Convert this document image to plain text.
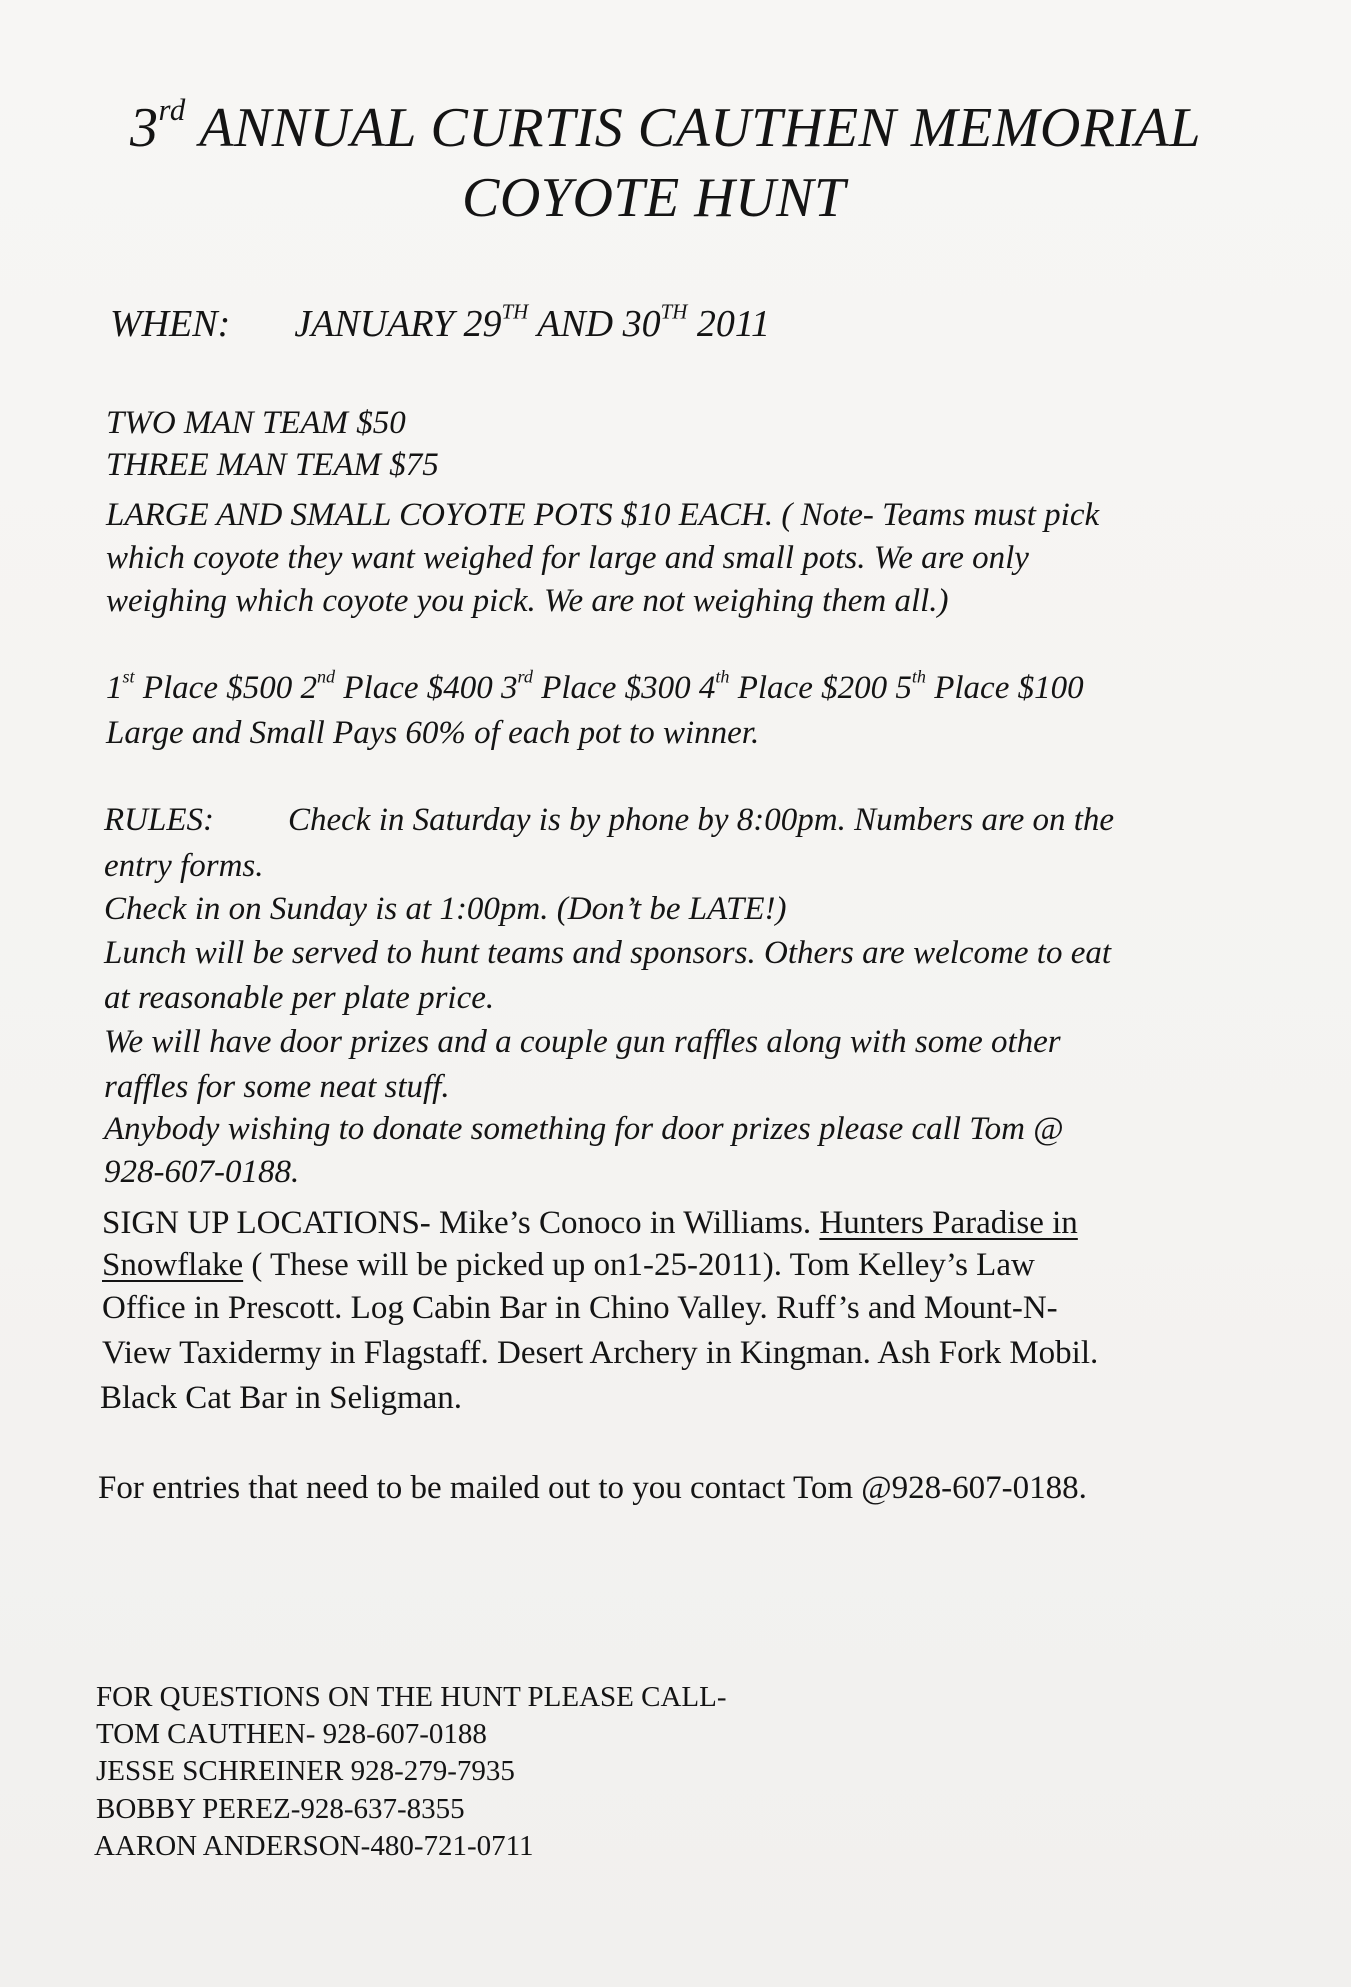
3rd ANNUAL CURTIS CAUTHEN MEMORIAL
COYOTE HUNT
WHEN: JANUARY 29TH AND 30TH 2011
TWO MAN TEAM $50
THREE MAN TEAM $75
LARGE AND SMALL COYOTE POTS $10 EACH. ( Note- Teams must pick
which coyote they want weighed for large and small pots. We are only
weighing which coyote you pick. We are not weighing them all.)
1st Place $500 2nd Place $400 3rd Place $300 4th Place $200 5th Place $100
Large and Small Pays 60% of each pot to winner.
RULES: Check in Saturday is by phone by 8:00pm. Numbers are on the
entry forms.
Check in on Sunday is at 1:00pm. (Don’t be LATE!)
Lunch will be served to hunt teams and sponsors. Others are welcome to eat
at reasonable per plate price.
We will have door prizes and a couple gun raffles along with some other
raffles for some neat stuff.
Anybody wishing to donate something for door prizes please call Tom @
928-607-0188.
SIGN UP LOCATIONS- Mike’s Conoco in Williams. Hunters Paradise in
Snowflake ( These will be picked up on1-25-2011). Tom Kelley’s Law
Office in Prescott. Log Cabin Bar in Chino Valley. Ruff’s and Mount-N-
View Taxidermy in Flagstaff. Desert Archery in Kingman. Ash Fork Mobil.
Black Cat Bar in Seligman.
For entries that need to be mailed out to you contact Tom @928-607-0188.
FOR QUESTIONS ON THE HUNT PLEASE CALL-
TOM CAUTHEN- 928-607-0188
JESSE SCHREINER 928-279-7935
BOBBY PEREZ-928-637-8355
AARON ANDERSON-480-721-0711
